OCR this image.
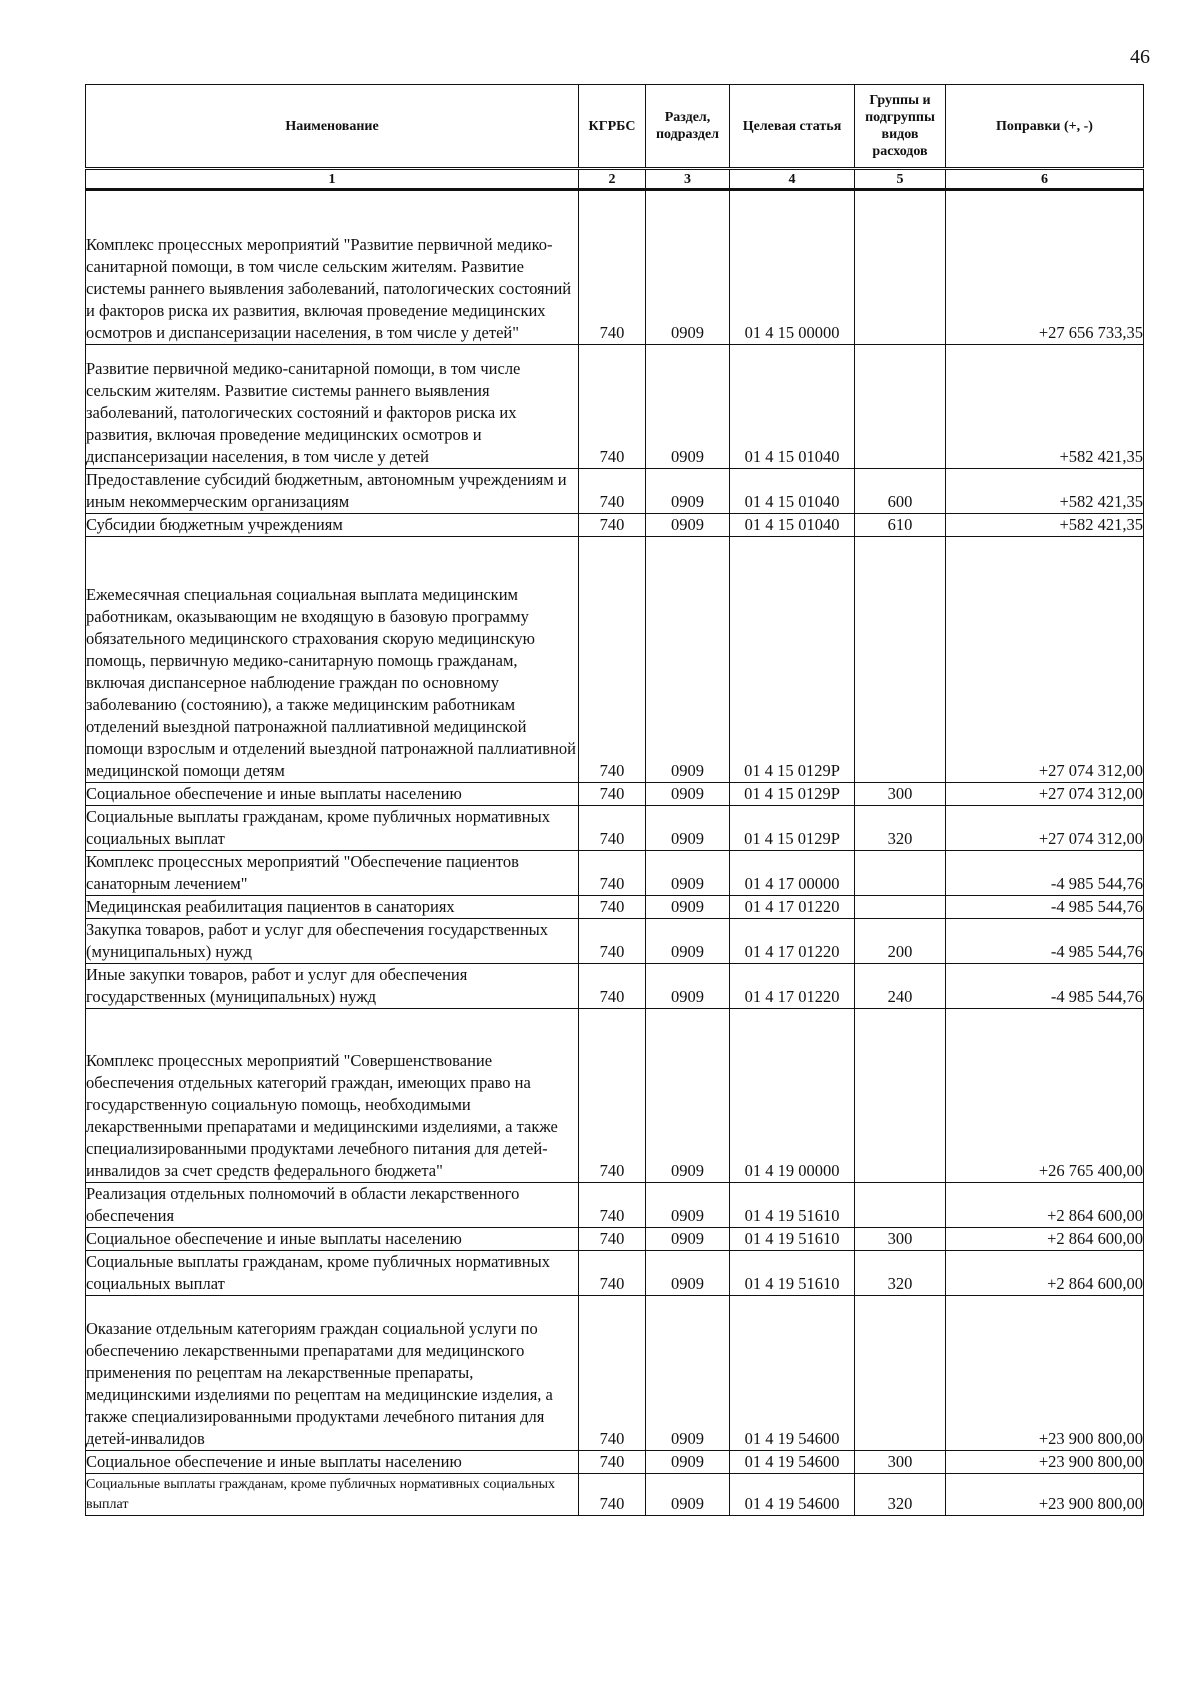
46
Наименование	КГРБС	Раздел, подраздел	Целевая статья	Группы и подгруппы видов расходов	Поправки (+, -)
1	2	3	4	5	6
Комплекс процессных мероприятий "Развитие первичной медико-санитарной помощи, в том числе сельским жителям. Развитие системы раннего выявления заболеваний, патологических состояний и факторов риска их развития, включая проведение медицинских осмотров и диспансеризации населения, в том числе у детей"	740	0909	01 4 15 00000		+27 656 733,35
Развитие первичной медико-санитарной помощи, в том числе сельским жителям. Развитие системы раннего выявления заболеваний, патологических состояний и факторов риска их развития, включая проведение медицинских осмотров и диспансеризации населения, в том числе у детей	740	0909	01 4 15 01040		+582 421,35
Предоставление субсидий бюджетным, автономным учреждениям и иным некоммерческим организациям	740	0909	01 4 15 01040	600	+582 421,35
Субсидии бюджетным учреждениям	740	0909	01 4 15 01040	610	+582 421,35
Ежемесячная специальная социальная выплата медицинским работникам, оказывающим не входящую в базовую программу обязательного медицинского страхования скорую медицинскую помощь, первичную медико-санитарную помощь гражданам, включая диспансерное наблюдение граждан по основному заболеванию (состоянию), а также медицинским работникам отделений выездной патронажной паллиативной медицинской помощи взрослым и отделений выездной патронажной паллиативной медицинской помощи детям	740	0909	01 4 15 0129Р		+27 074 312,00
Социальное обеспечение и иные выплаты населению	740	0909	01 4 15 0129Р	300	+27 074 312,00
Социальные выплаты гражданам, кроме публичных нормативных социальных выплат	740	0909	01 4 15 0129Р	320	+27 074 312,00
Комплекс процессных мероприятий "Обеспечение пациентов санаторным лечением"	740	0909	01 4 17 00000		-4 985 544,76
Медицинская реабилитация пациентов в санаториях	740	0909	01 4 17 01220		-4 985 544,76
Закупка товаров, работ и услуг для обеспечения государственных (муниципальных) нужд	740	0909	01 4 17 01220	200	-4 985 544,76
Иные закупки товаров, работ и услуг для обеспечения государственных (муниципальных) нужд	740	0909	01 4 17 01220	240	-4 985 544,76
Комплекс процессных мероприятий "Совершенствование обеспечения отдельных категорий граждан, имеющих право на государственную социальную помощь, необходимыми лекарственными препаратами и медицинскими изделиями, а также специализированными продуктами лечебного питания для детей-инвалидов за счет средств федерального бюджета"	740	0909	01 4 19 00000		+26 765 400,00
Реализация отдельных полномочий в области лекарственного обеспечения	740	0909	01 4 19 51610		+2 864 600,00
Социальное обеспечение и иные выплаты населению	740	0909	01 4 19 51610	300	+2 864 600,00
Социальные выплаты гражданам, кроме публичных нормативных социальных выплат	740	0909	01 4 19 51610	320	+2 864 600,00
Оказание отдельным категориям граждан социальной услуги по обеспечению лекарственными препаратами для медицинского применения по рецептам на лекарственные препараты, медицинскими изделиями по рецептам на медицинские изделия, а также специализированными продуктами лечебного питания для детей-инвалидов	740	0909	01 4 19 54600		+23 900 800,00
Социальное обеспечение и иные выплаты населению	740	0909	01 4 19 54600	300	+23 900 800,00
Социальные выплаты гражданам, кроме публичных нормативных социальных выплат	740	0909	01 4 19 54600	320	+23 900 800,00
